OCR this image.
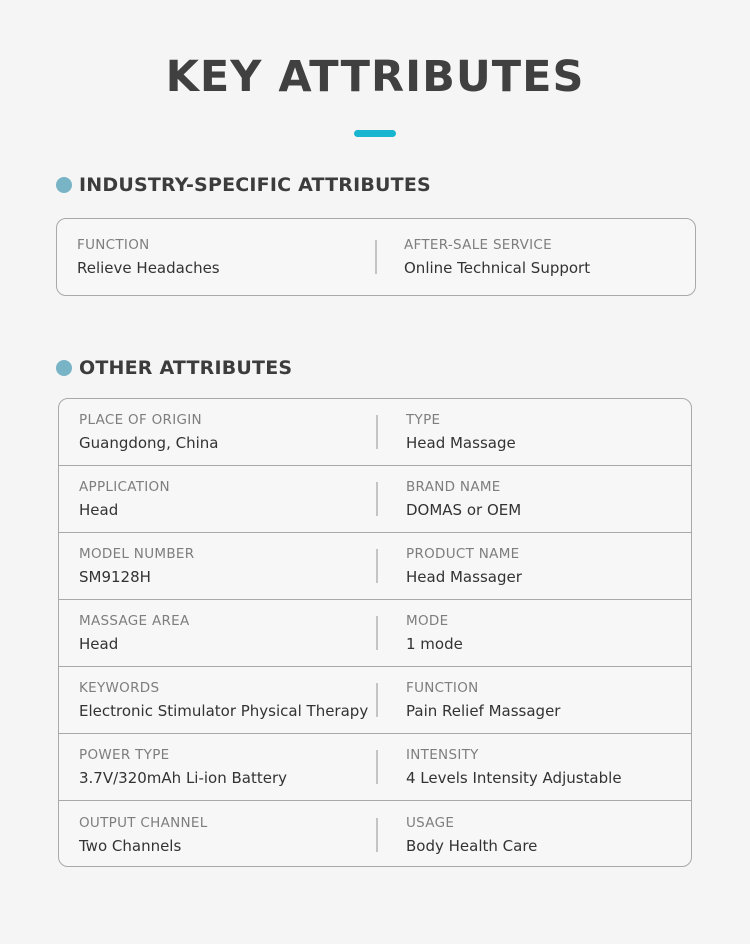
KEY ATTRIBUTES
INDUSTRY-SPECIFIC ATTRIBUTES
FUNCTION
Relieve Headaches
AFTER-SALE SERVICE
Online Technical Support
OTHER ATTRIBUTES
PLACE OF ORIGIN
Guangdong, China
TYPE
Head Massage
APPLICATION
Head
BRAND NAME
DOMAS or OEM
MODEL NUMBER
SM9128H
PRODUCT NAME
Head Massager
MASSAGE AREA
Head
MODE
1 mode
KEYWORDS
Electronic Stimulator Physical Therapy
FUNCTION
Pain Relief Massager
POWER TYPE
3.7V/320mAh Li-ion Battery
INTENSITY
4 Levels Intensity Adjustable
OUTPUT CHANNEL
Two Channels
USAGE
Body Health Care
